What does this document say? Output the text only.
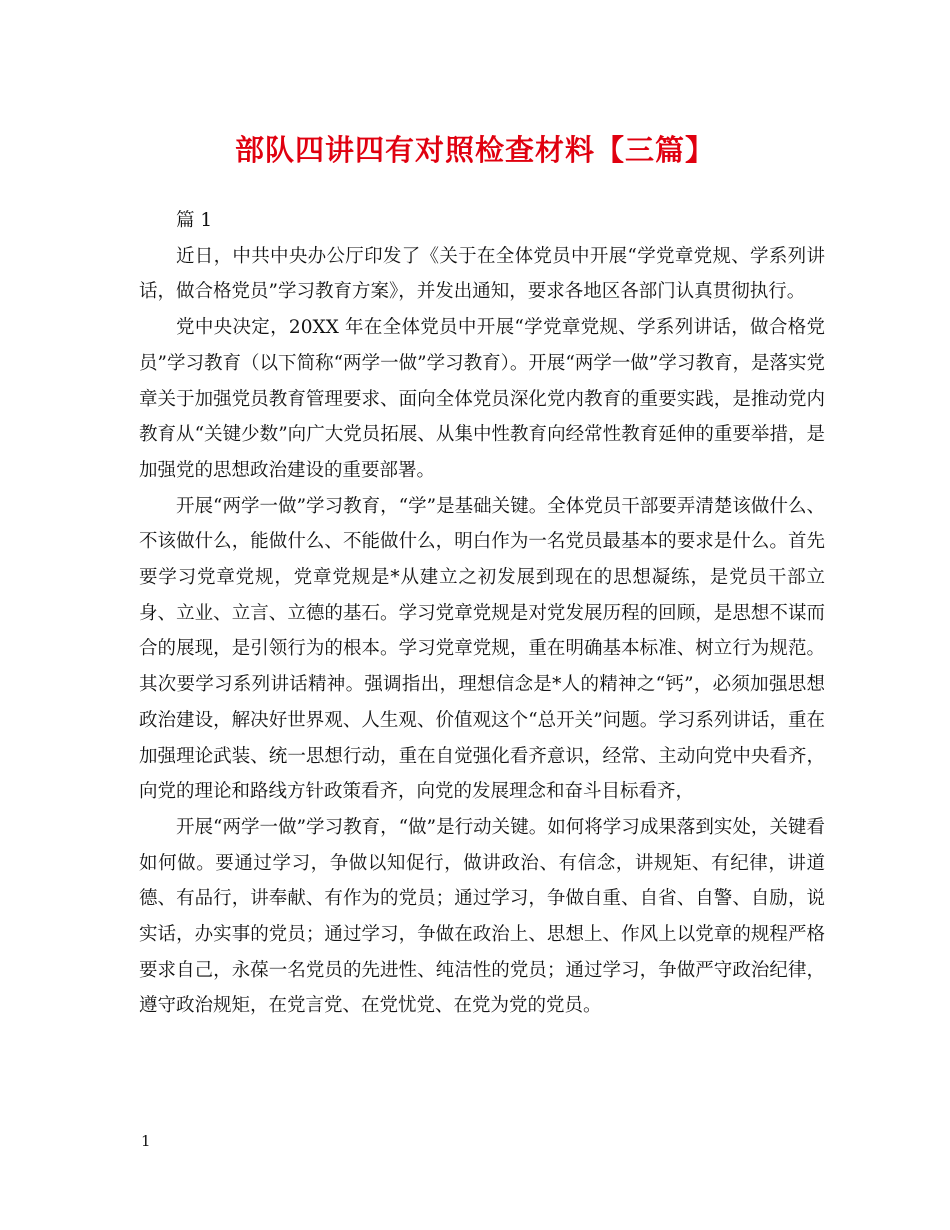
部队四讲四有对照检查材料【三篇】

篇 1

近日，中共中央办公厅印发了《关于在全体党员中开展“学党章党规、学系列讲话，做合格党员”学习教育方案》，并发出通知，要求各地区各部门认真贯彻执行。

党中央决定，20XX 年在全体党员中开展“学党章党规、学系列讲话，做合格党员”学习教育（以下简称“两学一做”学习教育）。开展“两学一做”学习教育，是落实党章关于加强党员教育管理要求、面向全体党员深化党内教育的重要实践，是推动党内教育从“关键少数”向广大党员拓展、从集中性教育向经常性教育延伸的重要举措，是加强党的思想政治建设的重要部署。

开展“两学一做”学习教育，“学”是基础关键。全体党员干部要弄清楚该做什么、不该做什么，能做什么、不能做什么，明白作为一名党员最基本的要求是什么。首先要学习党章党规，党章党规是*从建立之初发展到现在的思想凝练，是党员干部立身、立业、立言、立德的基石。学习党章党规是对党发展历程的回顾，是思想不谋而合的展现，是引领行为的根本。学习党章党规，重在明确基本标准、树立行为规范。其次要学习系列讲话精神。强调指出，理想信念是*人的精神之“钙”，必须加强思想政治建设，解决好世界观、人生观、价值观这个“总开关”问题。学习系列讲话，重在加强理论武装、统一思想行动，重在自觉强化看齐意识，经常、主动向党中央看齐，向党的理论和路线方针政策看齐，向党的发展理念和奋斗目标看齐，

开展“两学一做”学习教育，“做”是行动关键。如何将学习成果落到实处，关键看如何做。要通过学习，争做以知促行，做讲政治、有信念，讲规矩、有纪律，讲道德、有品行，讲奉献、有作为的党员；通过学习，争做自重、自省、自警、自励，说实话，办实事的党员；通过学习，争做在政治上、思想上、作风上以党章的规程严格要求自己，永葆一名党员的先进性、纯洁性的党员；通过学习，争做严守政治纪律，遵守政治规矩，在党言党、在党忧党、在党为党的党员。

1
